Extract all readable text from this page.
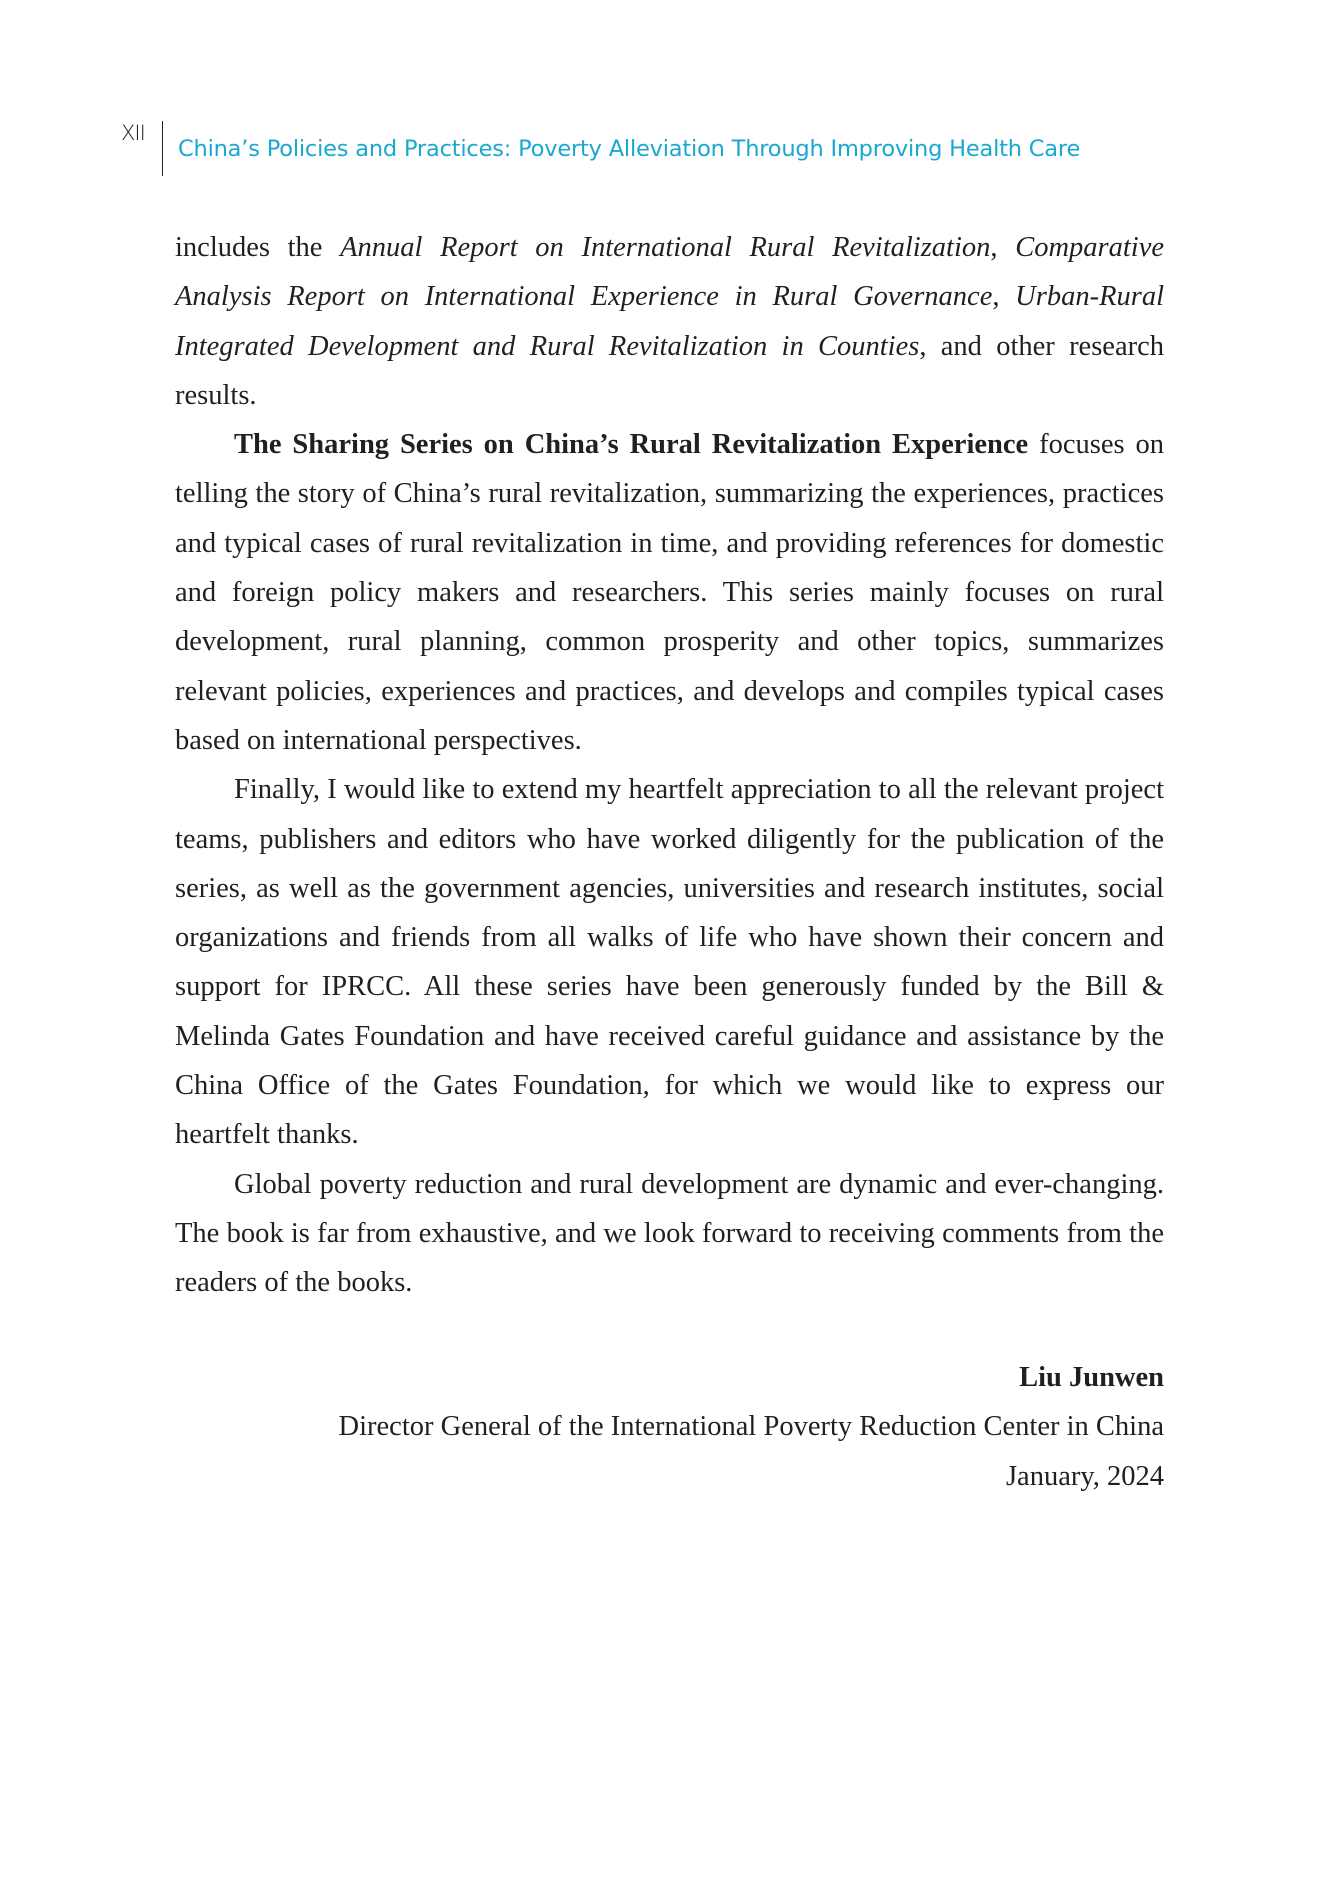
XII
China’s Policies and Practices: Poverty Alleviation Through Improving Health Care

includes the Annual Report on International Rural Revitalization, Comparative Analysis Report on International Experience in Rural Governance, Urban-Rural Integrated Development and Rural Revitalization in Counties, and other research results.

The Sharing Series on China’s Rural Revitalization Experience focuses on telling the story of China’s rural revitalization, summarizing the experiences, practices and typical cases of rural revitalization in time, and providing references for domestic and foreign policy makers and researchers. This series mainly focuses on rural development, rural planning, common prosperity and other topics, summarizes relevant policies, experiences and practices, and develops and compiles typical cases based on international perspectives.

Finally, I would like to extend my heartfelt appreciation to all the relevant project teams, publishers and editors who have worked diligently for the publication of the series, as well as the government agencies, universities and research institutes, social organizations and friends from all walks of life who have shown their concern and support for IPRCC. All these series have been generously funded by the Bill & Melinda Gates Foundation and have received careful guidance and assistance by the China Office of the Gates Foundation, for which we would like to express our heartfelt thanks.

Global poverty reduction and rural development are dynamic and ever-changing. The book is far from exhaustive, and we look forward to receiving comments from the readers of the books.

Liu Junwen
Director General of the International Poverty Reduction Center in China
January, 2024
